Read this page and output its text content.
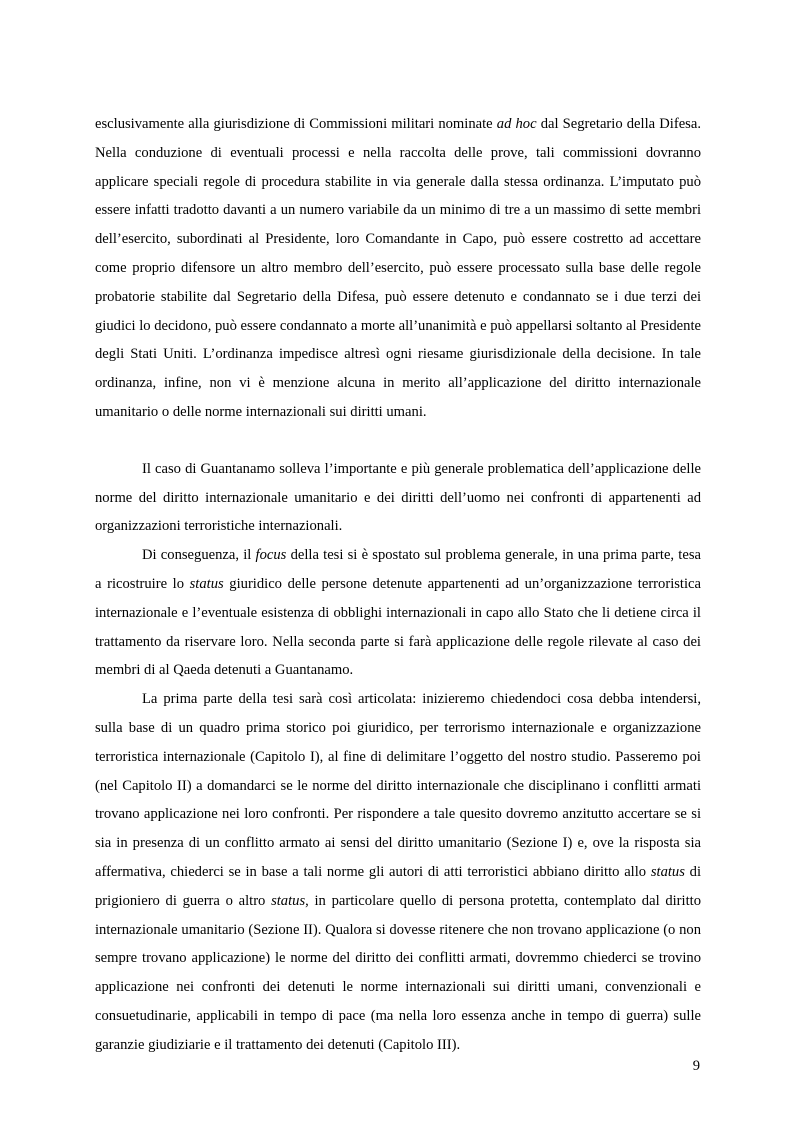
esclusivamente alla giurisdizione di Commissioni militari nominate ad hoc dal Segretario della Difesa. Nella conduzione di eventuali processi e nella raccolta delle prove, tali commissioni dovranno applicare speciali regole di procedura stabilite in via generale dalla stessa ordinanza. L’imputato può essere infatti tradotto davanti a un numero variabile da un minimo di tre a un massimo di sette membri dell’esercito, subordinati al Presidente, loro Comandante in Capo, può essere costretto ad accettare come proprio difensore un altro membro dell’esercito, può essere processato sulla base delle regole probatorie stabilite dal Segretario della Difesa, può essere detenuto e condannato se i due terzi dei giudici lo decidono, può essere condannato a morte all’unanimità e può appellarsi soltanto al Presidente degli Stati Uniti. L’ordinanza impedisce altresì ogni riesame giurisdizionale della decisione. In tale ordinanza, infine, non vi è menzione alcuna in merito all’applicazione del diritto internazionale umanitario o delle norme internazionali sui diritti umani.

Il caso di Guantanamo solleva l’importante e più generale problematica dell’applicazione delle norme del diritto internazionale umanitario e dei diritti dell’uomo nei confronti di appartenenti ad organizzazioni terroristiche internazionali.

Di conseguenza, il focus della tesi si è spostato sul problema generale, in una prima parte, tesa a ricostruire lo status giuridico delle persone detenute appartenenti ad un’organizzazione terroristica internazionale e l’eventuale esistenza di obblighi internazionali in capo allo Stato che li detiene circa il trattamento da riservare loro. Nella seconda parte si farà applicazione delle regole rilevate al caso dei membri di al Qaeda detenuti a Guantanamo.

La prima parte della tesi sarà così articolata: inizieremo chiedendoci cosa debba intendersi, sulla base di un quadro prima storico poi giuridico, per terrorismo internazionale e organizzazione terroristica internazionale (Capitolo I), al fine di delimitare l’oggetto del nostro studio. Passeremo poi (nel Capitolo II) a domandarci se le norme del diritto internazionale che disciplinano i conflitti armati trovano applicazione nei loro confronti. Per rispondere a tale quesito dovremo anzitutto accertare se si sia in presenza di un conflitto armato ai sensi del diritto umanitario (Sezione I) e, ove la risposta sia affermativa, chiederci se in base a tali norme gli autori di atti terroristici abbiano diritto allo status di prigioniero di guerra o altro status, in particolare quello di persona protetta, contemplato dal diritto internazionale umanitario (Sezione II). Qualora si dovesse ritenere che non trovano applicazione (o non sempre trovano applicazione) le norme del diritto dei conflitti armati, dovremmo chiederci se trovino applicazione nei confronti dei detenuti le norme internazionali sui diritti umani, convenzionali e consuetudinarie, applicabili in tempo di pace (ma nella loro essenza anche in tempo di guerra) sulle garanzie giudiziarie e il trattamento dei detenuti (Capitolo III).

9
